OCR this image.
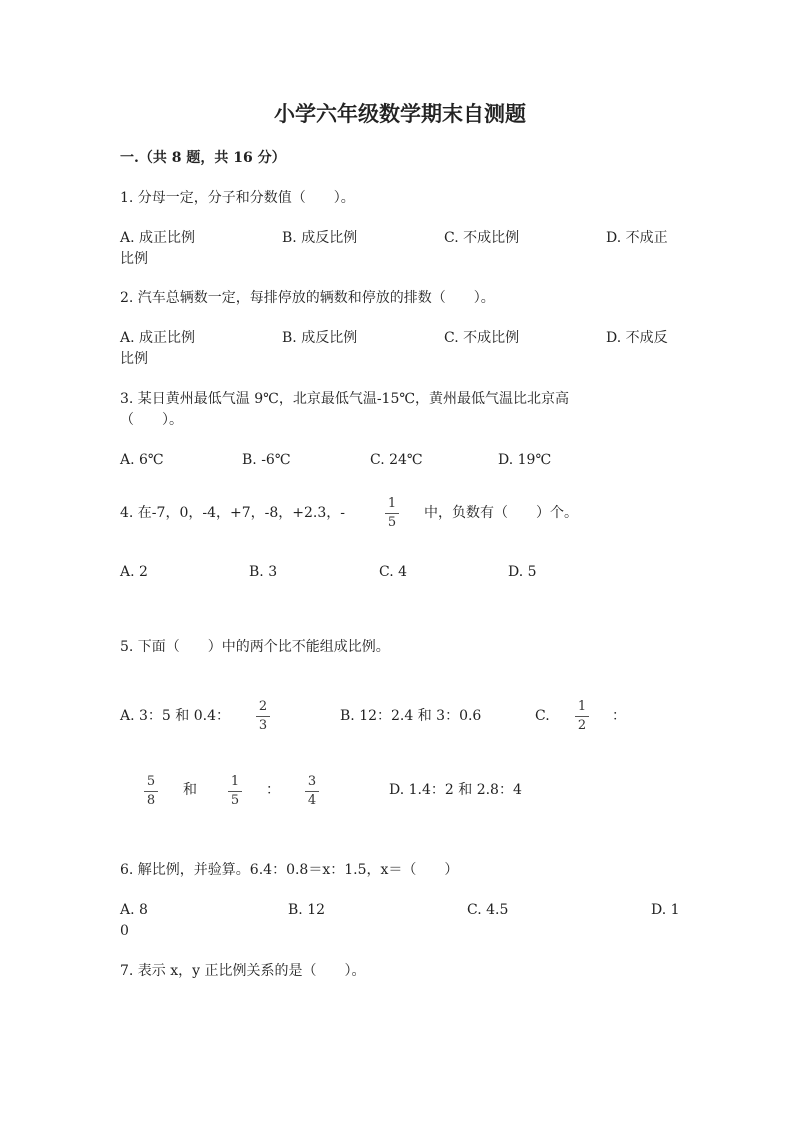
小学六年级数学期末自测题
一.（共 8 题，共 16 分）
1. 分母一定，分子和分数值（　　）。
A. 成正比例	B. 成反比例	C. 不成比例	D. 不成正
比例
2. 汽车总辆数一定，每排停放的辆数和停放的排数（　　）。
A. 成正比例	B. 成反比例	C. 不成比例	D. 不成反
比例
3. 某日黄州最低气温 9℃，北京最低气温-15℃，黄州最低气温比北京高
（　　）。
A. 6℃	B. -6℃	C. 24℃	D. 19℃
4. 在-7，0，-4，+7，-8，+2.3，-
1
5
中，负数有（　　）个。
A. 2	B. 3	C. 4	D. 5
5. 下面（　　）中的两个比不能组成比例。
A. 3：5 和 0.4：
2
3
B. 12：2.4 和 3：0.6	C.
1
2
：
5
8
和
1
5
：
3
4
D. 1.4：2 和 2.8：4
6. 解比例，并验算。6.4：0.8＝x：1.5，x＝（　　）
A. 8	B. 12	C. 4.5	D. 1
0
7. 表示 x，y 正比例关系的是（　　）。
